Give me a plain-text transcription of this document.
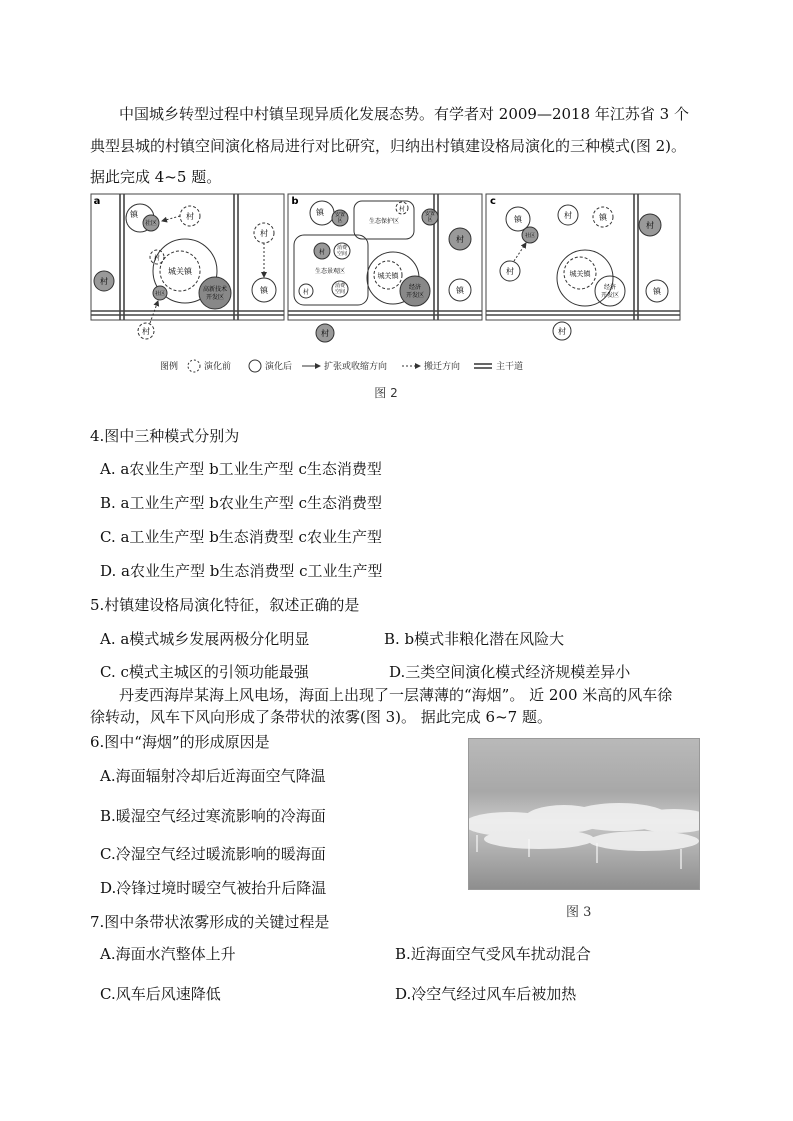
中国城乡转型过程中村镇呈现异质化发展态势。有学者对 2009—2018 年江苏省 3 个
典型县城的村镇空间演化格局进行对比研究，归纳出村镇建设格局演化的三种模式(图 2)。
据此完成 4~5 题。
a
村
镇
社区
村
城关镇
高新技术
开发区
村
社区
村
村
镇
b
镇 安置
区	生态保护区
村
安置
区
村
生态景观区
村
消费
空间
村
消费
空间
城关镇
经济
开发区
镇
村
c
镇
社区
村	镇
村
村	城关镇
经济
开发区	镇
村
图例	演化前	演化后	扩张或收缩方向	搬迁方向	主干道
图 2
4.图中三种模式分别为
A. a农业生产型 b工业生产型 c生态消费型
B. a工业生产型 b农业生产型 c生态消费型
C. a工业生产型 b生态消费型 c农业生产型
D. a农业生产型 b生态消费型 c工业生产型
5.村镇建设格局演化特征，叙述正确的是
A. a模式城乡发展两极分化明显	B. b模式非粮化潜在风险大
C. c模式主城区的引领功能最强	D.三类空间演化模式经济规模差异小
丹麦西海岸某海上风电场，海面上出现了一层薄薄的“海烟”。 近 200 米高的风车徐
徐转动，风车下风向形成了条带状的浓雾(图 3)。 据此完成 6~7 题。
6.图中“海烟”的形成原因是
A.海面辐射冷却后近海面空气降温
B.暖湿空气经过寒流影响的冷海面
C.冷湿空气经过暖流影响的暖海面
D.冷锋过境时暖空气被抬升后降温
图 3
7.图中条带状浓雾形成的关键过程是
A.海面水汽整体上升	B.近海面空气受风车扰动混合
C.风车后风速降低	D.冷空气经过风车后被加热
